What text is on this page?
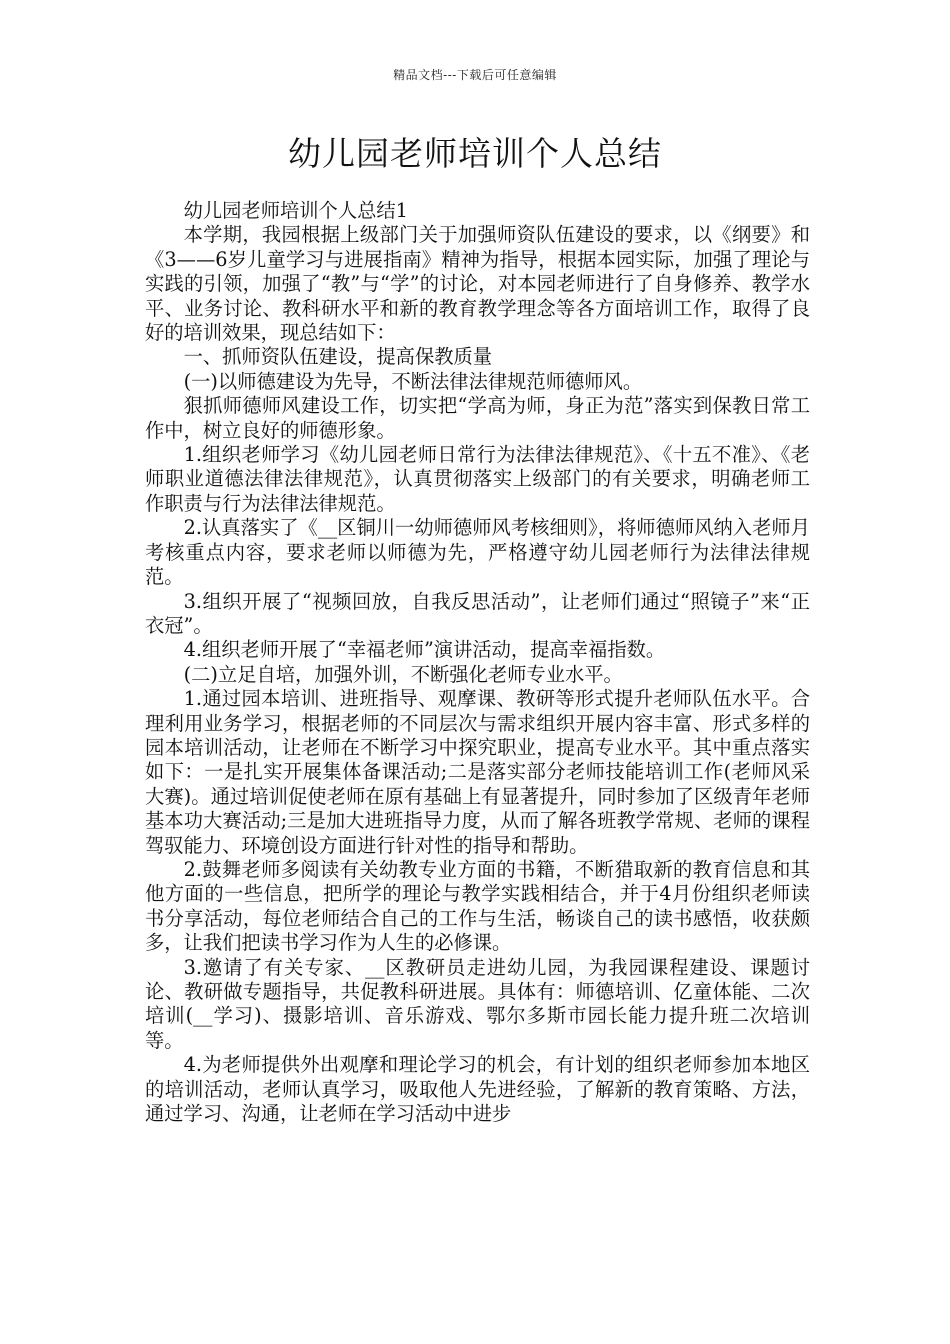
精品文档---下载后可任意编辑
幼儿园老师培训个人总结

幼儿园老师培训个人总结1

本学期，我园根据上级部门关于加强师资队伍建设的要求，以《纲要》和《3——6岁儿童学习与进展指南》精神为指导，根据本园实际，加强了理论与实践的引领，加强了“教”与“学”的讨论，对本园老师进行了自身修养、教学水平、业务讨论、教科研水平和新的教育教学理念等各方面培训工作，取得了良好的培训效果，现总结如下：

一、抓师资队伍建设，提高保教质量

(一)以师德建设为先导，不断法律法律规范师德师风。

狠抓师德师风建设工作，切实把“学高为师，身正为范”落实到保教日常工作中，树立良好的师德形象。

1.组织老师学习《幼儿园老师日常行为法律法律规范》、《十五不准》、《老师职业道德法律法律规范》，认真贯彻落实上级部门的有关要求，明确老师工作职责与行为法律法律规范。

2.认真落实了《__区铜川一幼师德师风考核细则》，将师德师风纳入老师月考核重点内容，要求老师以师德为先，严格遵守幼儿园老师行为法律法律规范。

3.组织开展了“视频回放，自我反思活动”，让老师们通过“照镜子”来“正衣冠”。

4.组织老师开展了“幸福老师”演讲活动，提高幸福指数。

(二)立足自培，加强外训，不断强化老师专业水平。

1.通过园本培训、进班指导、观摩课、教研等形式提升老师队伍水平。合理利用业务学习，根据老师的不同层次与需求组织开展内容丰富、形式多样的园本培训活动，让老师在不断学习中探究职业，提高专业水平。其中重点落实如下：一是扎实开展集体备课活动;二是落实部分老师技能培训工作(老师风采大赛)。通过培训促使老师在原有基础上有显著提升，同时参加了区级青年老师基本功大赛活动;三是加大进班指导力度，从而了解各班教学常规、老师的课程驾驭能力、环境创设方面进行针对性的指导和帮助。

2.鼓舞老师多阅读有关幼教专业方面的书籍，不断猎取新的教育信息和其他方面的一些信息，把所学的理论与教学实践相结合，并于4月份组织老师读书分享活动，每位老师结合自己的工作与生活，畅谈自己的读书感悟，收获颇多，让我们把读书学习作为人生的必修课。

3.邀请了有关专家、__区教研员走进幼儿园，为我园课程建设、课题讨论、教研做专题指导，共促教科研进展。具体有：师德培训、亿童体能、二次培训(__学习)、摄影培训、音乐游戏、鄂尔多斯市园长能力提升班二次培训等。

4.为老师提供外出观摩和理论学习的机会，有计划的组织老师参加本地区的培训活动，老师认真学习，吸取他人先进经验，了解新的教育策略、方法，通过学习、沟通，让老师在学习活动中进步
